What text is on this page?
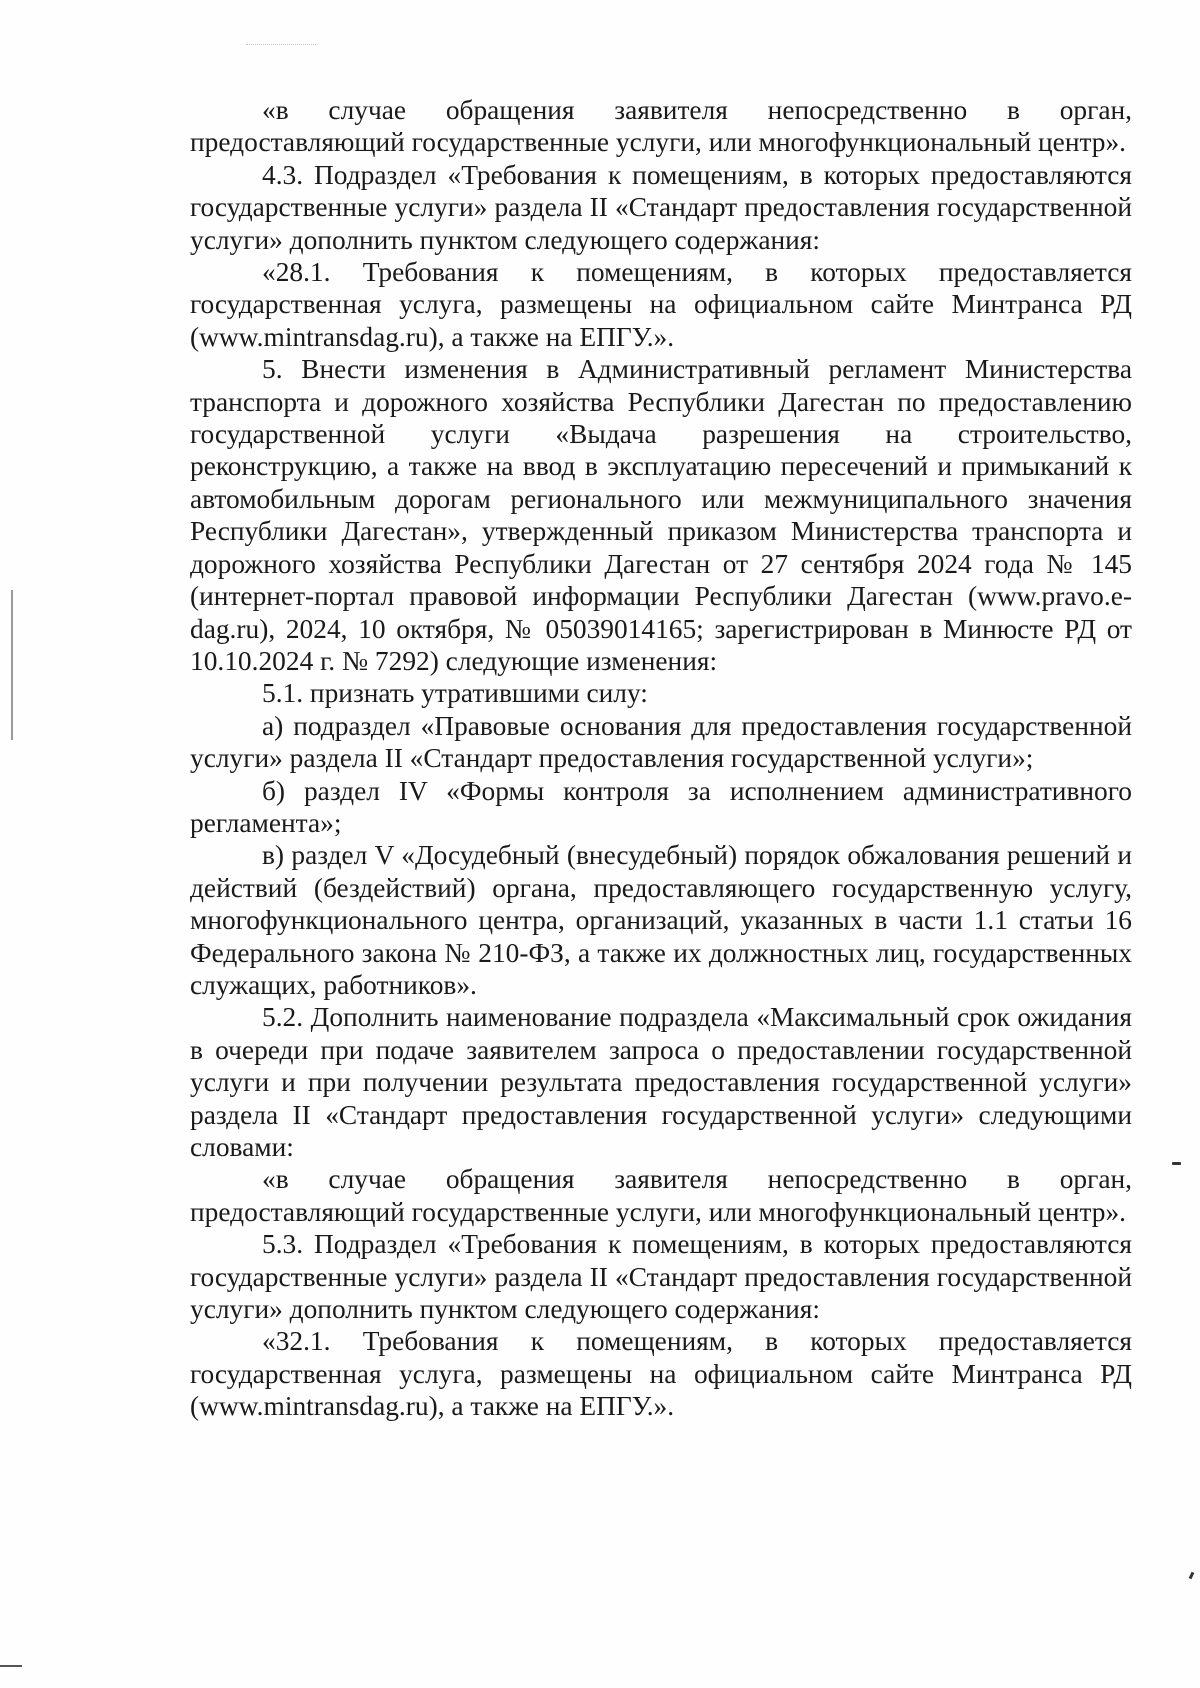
«в случае обращения заявителя непосредственно в орган, предоставляющий государственные услуги, или многофункциональный центр».

4.3. Подраздел «Требования к помещениям, в которых предоставляются государственные услуги» раздела II «Стандарт предоставления государственной услуги» дополнить пунктом следующего содержания:

«28.1. Требования к помещениям, в которых предоставляется государственная услуга, размещены на официальном сайте Минтранса РД (www.mintransdag.ru), а также на ЕПГУ.».

5. Внести изменения в Административный регламент Министерства транспорта и дорожного хозяйства Республики Дагестан по предоставлению государственной услуги «Выдача разрешения на строительство, реконструкцию, а также на ввод в эксплуатацию пересечений и примыканий к автомобильным дорогам регионального или межмуниципального значения Республики Дагестан», утвержденный приказом Министерства транспорта и дорожного хозяйства Республики Дагестан от 27 сентября 2024 года № 145 (интернет-портал правовой информации Республики Дагестан (www.pravo.e-dag.ru), 2024, 10 октября, № 05039014165; зарегистрирован в Минюсте РД от 10.10.2024 г. № 7292) следующие изменения:

5.1. признать утратившими силу:

а) подраздел «Правовые основания для предоставления государственной услуги» раздела II «Стандарт предоставления государственной услуги»;

б) раздел IV «Формы контроля за исполнением административного регламента»;

в) раздел V «Досудебный (внесудебный) порядок обжалования решений и действий (бездействий) органа, предоставляющего государственную услугу, многофункционального центра, организаций, указанных в части 1.1 статьи 16 Федерального закона № 210-ФЗ, а также их должностных лиц, государственных служащих, работников».

5.2. Дополнить наименование подраздела «Максимальный срок ожидания в очереди при подаче заявителем запроса о предоставлении государственной услуги и при получении результата предоставления государственной услуги» раздела II «Стандарт предоставления государственной услуги» следующими словами:

«в случае обращения заявителя непосредственно в орган, предоставляющий государственные услуги, или многофункциональный центр».

5.3. Подраздел «Требования к помещениям, в которых предоставляются государственные услуги» раздела II «Стандарт предоставления государственной услуги» дополнить пунктом следующего содержания:

«32.1. Требования к помещениям, в которых предоставляется государственная услуга, размещены на официальном сайте Минтранса РД (www.mintransdag.ru), а также на ЕПГУ.».
